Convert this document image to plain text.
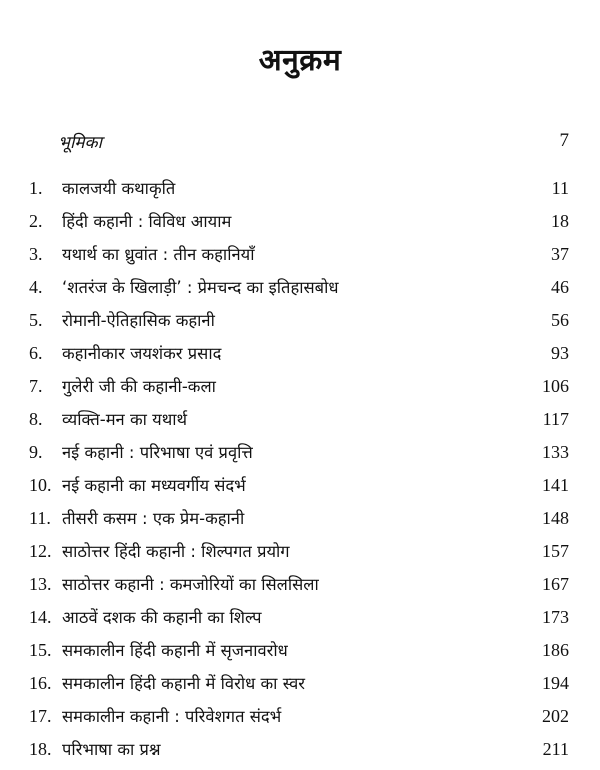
अनुक्रम
भूमिका	7
1. कालजयी कथाकृति	11
2. हिंदी कहानी : विविध आयाम	18
3. यथार्थ का ध्रुवांत : तीन कहानियाँ	37
4. ‘शतरंज के खिलाड़ी’ : प्रेमचन्द का इतिहासबोध	46
5. रोमानी-ऐतिहासिक कहानी	56
6. कहानीकार जयशंकर प्रसाद	93
7. गुलेरी जी की कहानी-कला	106
8. व्यक्ति-मन का यथार्थ	117
9. नई कहानी : परिभाषा एवं प्रवृत्ति	133
10. नई कहानी का मध्यवर्गीय संदर्भ	141
11. तीसरी कसम : एक प्रेम-कहानी	148
12. साठोत्तर हिंदी कहानी : शिल्पगत प्रयोग	157
13. साठोत्तर कहानी : कमजोरियों का सिलसिला	167
14. आठवें दशक की कहानी का शिल्प	173
15. समकालीन हिंदी कहानी में सृजनावरोध	186
16. समकालीन हिंदी कहानी में विरोध का स्वर	194
17. समकालीन कहानी : परिवेशगत संदर्भ	202
18. परिभाषा का प्रश्न	211
